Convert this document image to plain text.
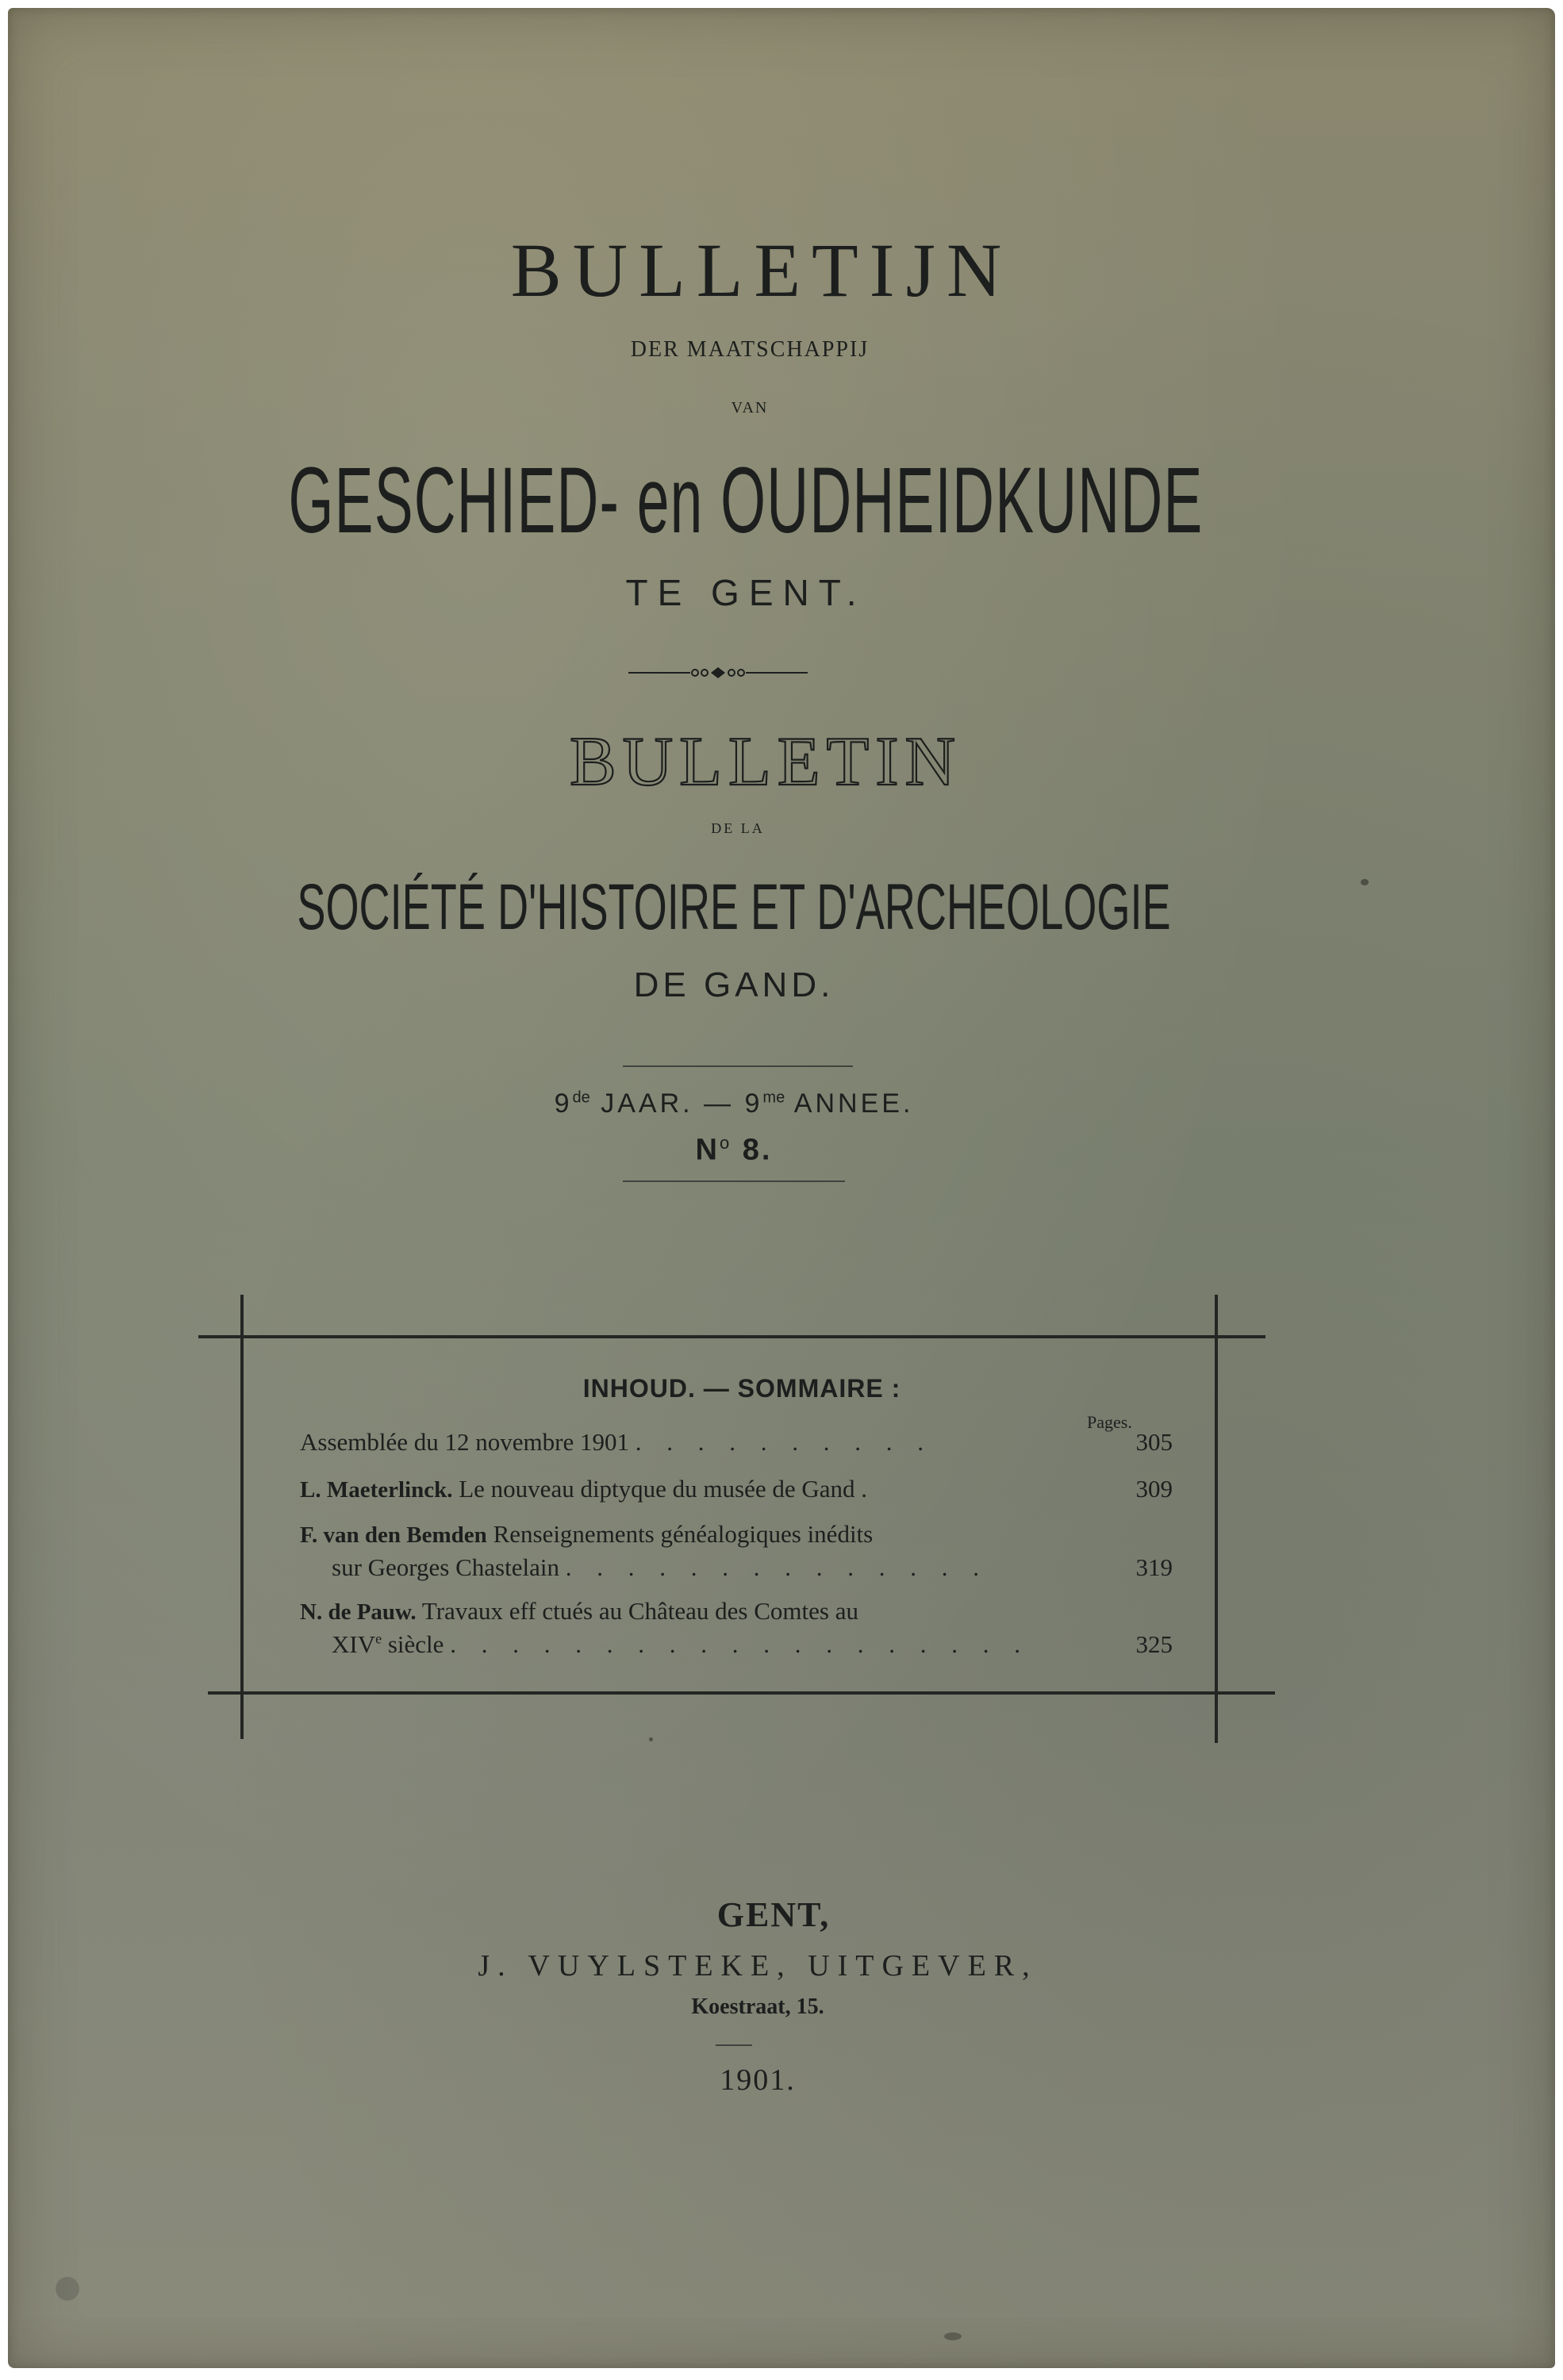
BULLETIJN
DER MAATSCHAPPIJ
VAN
GESCHIED- en OUDHEIDKUNDE
TE GENT.
BULLETIN
DE LA
SOCIÉTÉ D'HISTOIRE ET D'ARCHEOLOGIE
DE GAND.
9de JAAR. — $9^{me}$ ANNEE.
$N^o$ 8.
INHOUD. — SOMMAIRE :
Pages.
Assemblée du 12 novembre 1901 . . . . . . . . . .	305
L. Maeterlinck. Le nouveau diptyque du musée de Gand .	309
F. van den Bemden Renseignements généalogiques inédits
sur Georges Chastelain . . . . . . . . . . . . . .	319
N. de Pauw. Travaux eff ctués au Château des Comtes au
XIVe siècle . . . . . . . . . . . . . . . . . . .	325
GENT,
J. VUYLSTEKE, UITGEVER,
Koestraat, 15.
1901.
